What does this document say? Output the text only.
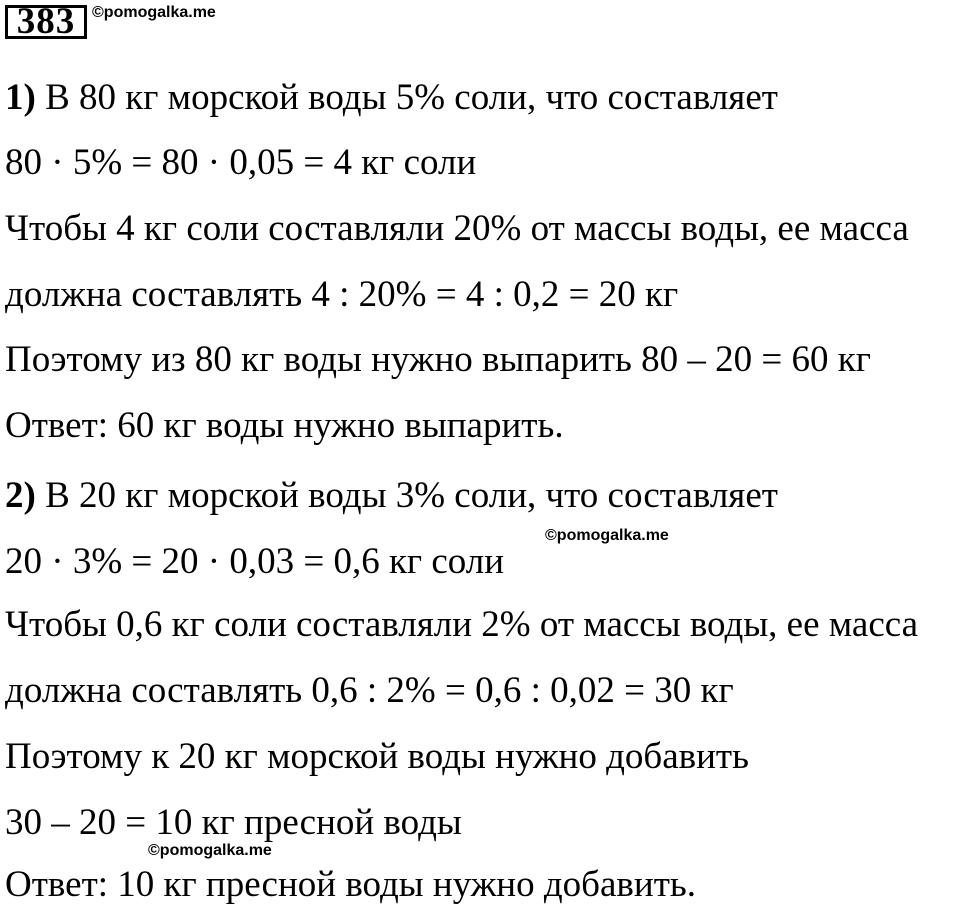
383	©pomogalka.me
1) В 80 кг морской воды 5% соли, что составляет
80 · 5% = 80 · 0,05 = 4 кг соли
Чтобы 4 кг соли составляли 20% от массы воды, ее масса
должна составлять 4 : 20% = 4 : 0,2 = 20 кг
Поэтому из 80 кг воды нужно выпарить 80 – 20 = 60 кг
Ответ: 60 кг воды нужно выпарить.
2) В 20 кг морской воды 3% соли, что составляет
©pomogalka.me
20 · 3% = 20 · 0,03 = 0,6 кг соли
Чтобы 0,6 кг соли составляли 2% от массы воды, ее масса
должна составлять 0,6 : 2% = 0,6 : 0,02 = 30 кг
Поэтому к 20 кг морской воды нужно добавить
30 – 20 = 10 кг пресной воды
©pomogalka.me
Ответ: 10 кг пресной воды нужно добавить.
